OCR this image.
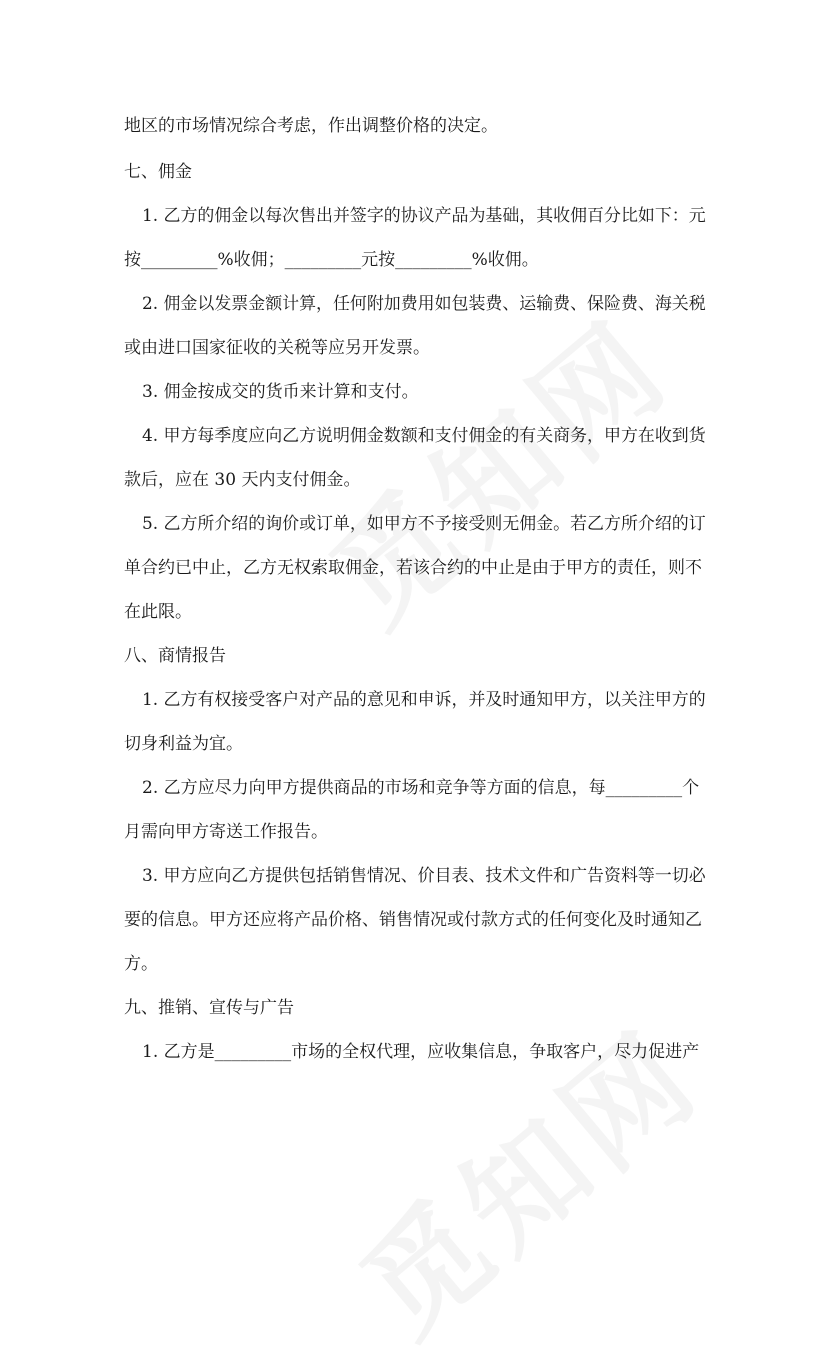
地区的市场情况综合考虑，作出调整价格的决定。
七、佣金
1. 乙方的佣金以每次售出并签字的协议产品为基础，其收佣百分比如下：元
按_________%收佣；_________元按_________%收佣。
2. 佣金以发票金额计算，任何附加费用如包装费、运输费、保险费、海关税
或由进口国家征收的关税等应另开发票。
3. 佣金按成交的货币来计算和支付。
4. 甲方每季度应向乙方说明佣金数额和支付佣金的有关商务，甲方在收到货
款后，应在 30 天内支付佣金。
5. 乙方所介绍的询价或订单，如甲方不予接受则无佣金。若乙方所介绍的订
单合约已中止，乙方无权索取佣金，若该合约的中止是由于甲方的责任，则不
在此限。
八、商情报告
1. 乙方有权接受客户对产品的意见和申诉，并及时通知甲方，以关注甲方的
切身利益为宜。
2. 乙方应尽力向甲方提供商品的市场和竞争等方面的信息，每_________个
月需向甲方寄送工作报告。
3. 甲方应向乙方提供包括销售情况、价目表、技术文件和广告资料等一切必
要的信息。甲方还应将产品价格、销售情况或付款方式的任何变化及时通知乙
方。
九、推销、宣传与广告
1. 乙方是_________市场的全权代理，应收集信息，争取客户，尽力促进产
